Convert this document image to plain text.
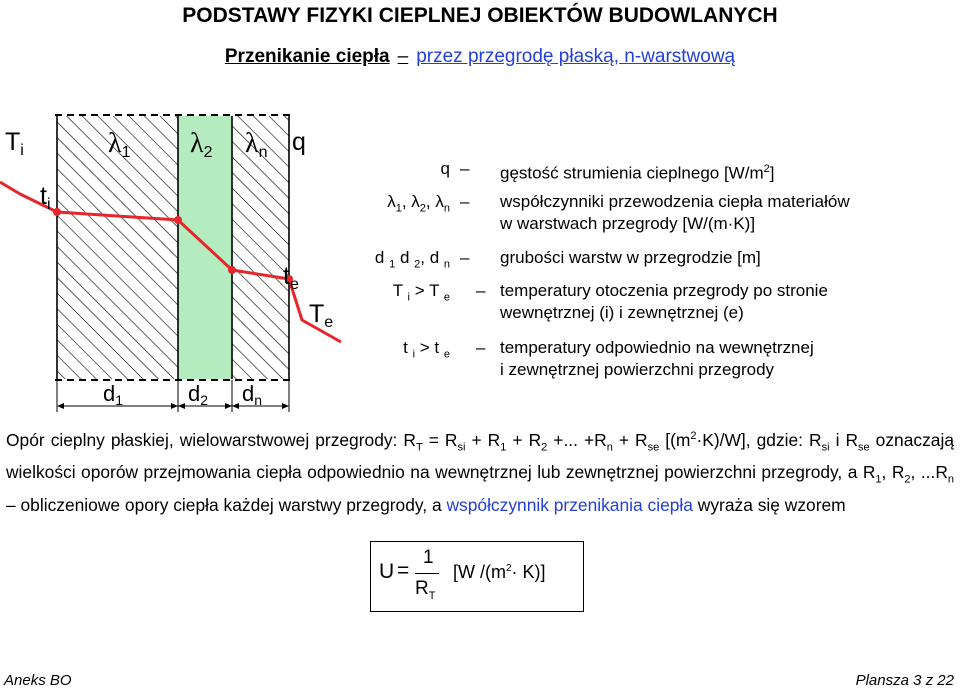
PODSTAWY FIZYKI CIEPLNEJ OBIEKTÓW BUDOWLANYCH
Przenikanie ciepła – przez przegrodę płaską, n-warstwową
$T_i$
$t_i$
λ1 λ2 λn q
$t_e$
$T_e$
d1	d2 dn
q –	gęstość strumienia cieplnego $[W/m^2]$
$\lambda_1$, $\lambda_2$, $\lambda_n$ –	współczynniki przewodzenia ciepła materiałów
w warstwach przegrody [W/(m·K)]
d $_1$ d $_2$, d $_n$ –	grubości warstw w przegrodzie [m]
T $_i$ > T $_e$ – temperatury otoczenia przegrody po stronie
wewnętrznej (i) i zewnętrznej (e)
t $_i$ > t $_e$ – temperatury odpowiednio na wewnętrznej
i zewnętrznej powierzchni przegrody
Opór cieplny płaskiej, wielowarstwowej przegrody: $R_T = R_{si} + R_1 + R_2$ +... $+R_n + R_{se}$ $[(m^2\cdot K)/W]$, gdzie: $R_{si}$ i $R_{se}$ oznaczają wielkości oporów przejmowania ciepła odpowiednio na wewnętrznej lub zewnętrznej powierzchni przegrody, a $R_1$, $R_2$, $...R_n$ – obliczeniowe opory ciepła każdej warstwy przegrody, a współczynnik przenikania ciepła wyraża się wzorem
U =
1
$R_T$
[W $/(m^2\cdot K)$]
Aneks BO	Plansza 3 z 22
